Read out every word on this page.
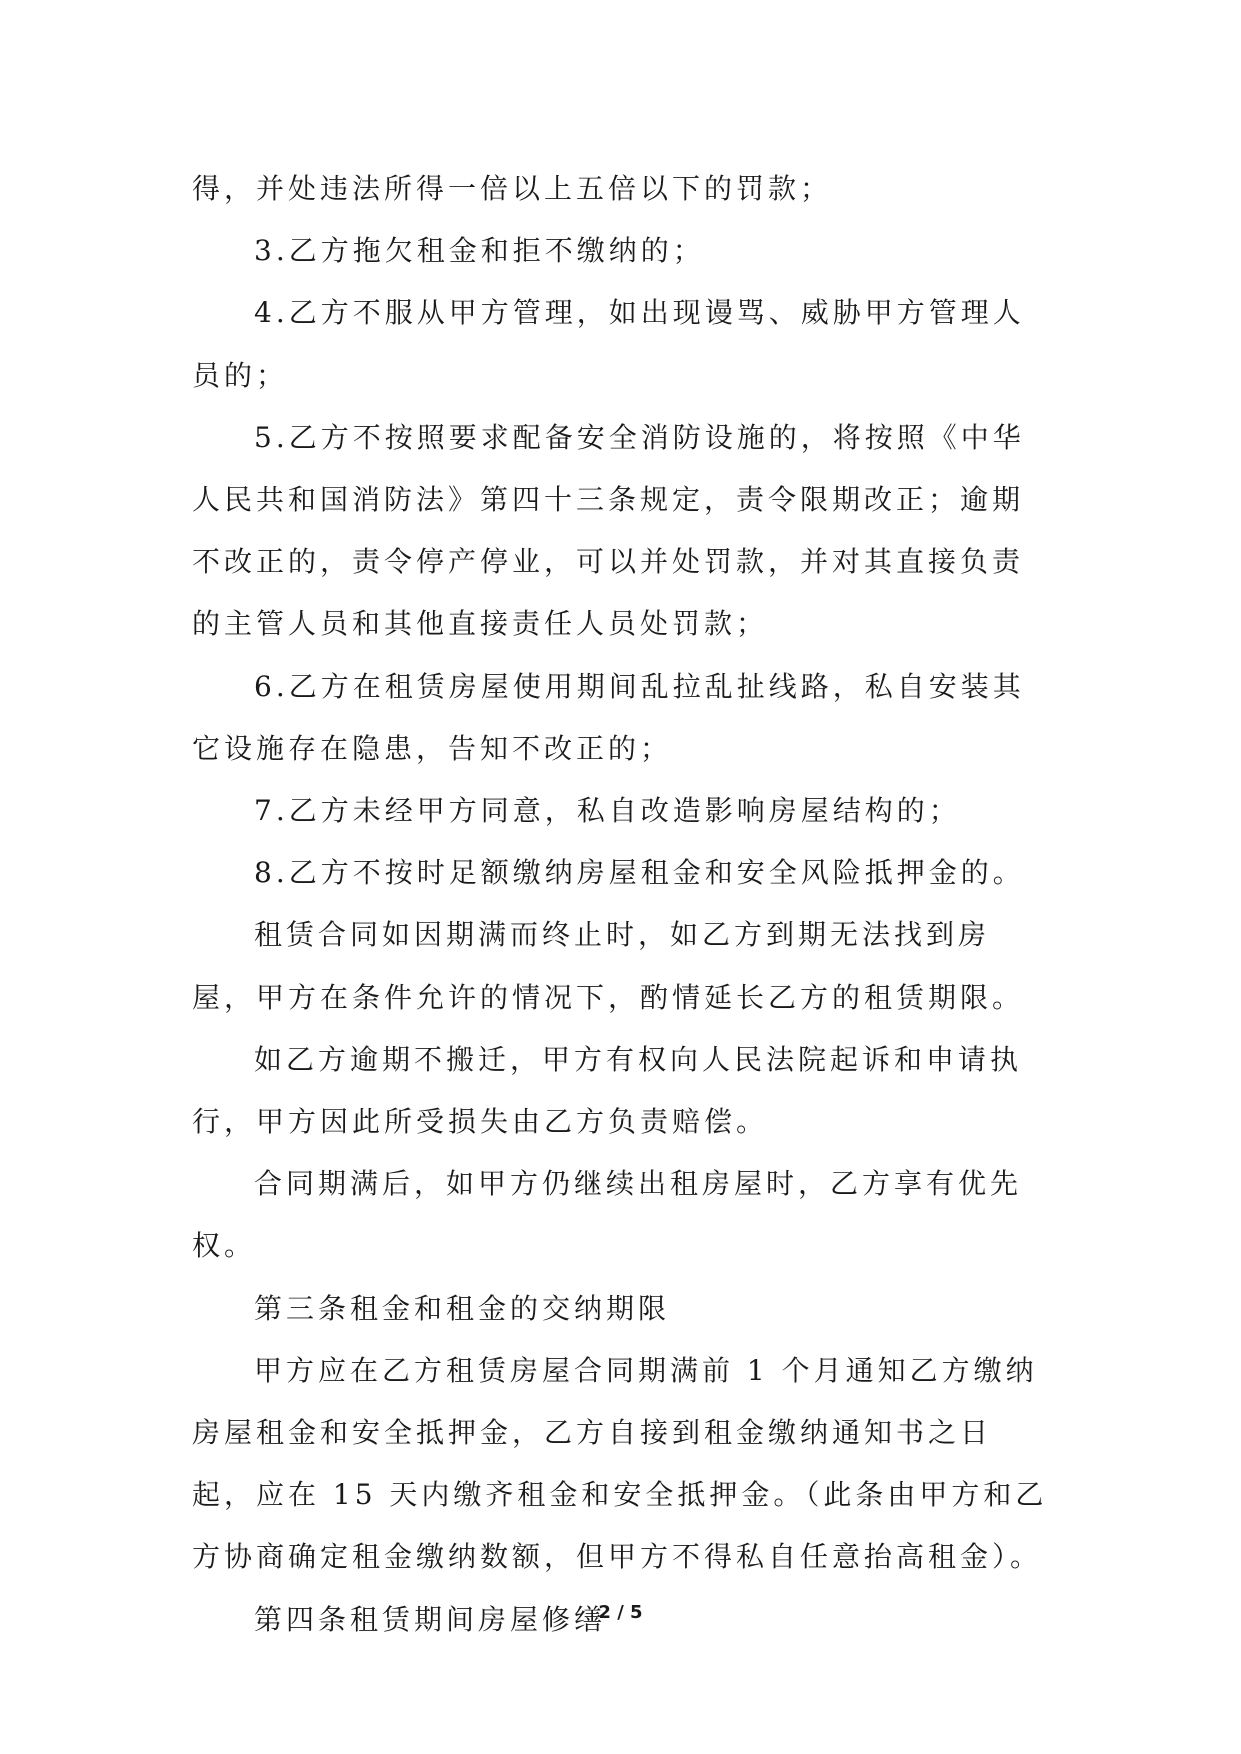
得，并处违法所得一倍以上五倍以下的罚款；

3.乙方拖欠租金和拒不缴纳的；

4.乙方不服从甲方管理，如出现谩骂、威胁甲方管理人员的；

5.乙方不按照要求配备安全消防设施的，将按照《中华人民共和国消防法》第四十三条规定，责令限期改正；逾期不改正的，责令停产停业，可以并处罚款，并对其直接负责的主管人员和其他直接责任人员处罚款；

6.乙方在租赁房屋使用期间乱拉乱扯线路，私自安装其它设施存在隐患，告知不改正的；

7.乙方未经甲方同意，私自改造影响房屋结构的；

8.乙方不按时足额缴纳房屋租金和安全风险抵押金的。

租赁合同如因期满而终止时，如乙方到期无法找到房屋，甲方在条件允许的情况下，酌情延长乙方的租赁期限。

如乙方逾期不搬迁，甲方有权向人民法院起诉和申请执行，甲方因此所受损失由乙方负责赔偿。

合同期满后，如甲方仍继续出租房屋时，乙方享有优先权。

第三条租金和租金的交纳期限

甲方应在乙方租赁房屋合同期满前 1 个月通知乙方缴纳房屋租金和安全抵押金，乙方自接到租金缴纳通知书之日起，应在 15 天内缴齐租金和安全抵押金。（此条由甲方和乙方协商确定租金缴纳数额，但甲方不得私自任意抬高租金）。

第四条租赁期间房屋修缮

2 / 5
